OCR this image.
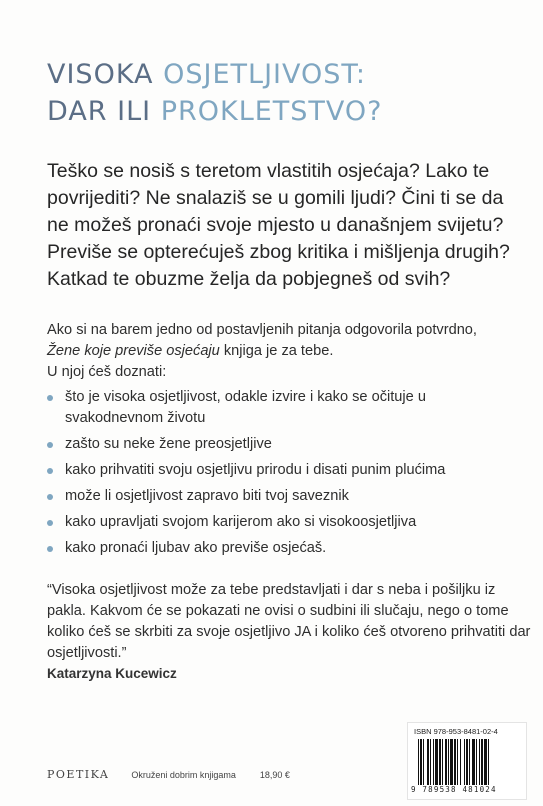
VISOKA OSJETLJIVOST:
DAR ILI PROKLETSTVO?
Teško se nosiš s teretom vlastitih osjećaja? Lako te
povrijediti? Ne snalaziš se u gomili ljudi? Čini ti se da
ne možeš pronaći svoje mjesto u današnjem svijetu?
Previše se opterećuješ zbog kritika i mišljenja drugih?
Katkad te obuzme želja da pobjegneš od svih?

Ako si na barem jedno od postavljenih pitanja odgovorila potvrdno,
Žene koje previše osjećaju knjiga je za tebe.

U njoj ćeš doznati:

što je visoka osjetljivost, odakle izvire i kako se očituje u
svakodnevnom životu
zašto su neke žene preosjetljive
kako prihvatiti svoju osjetljivu prirodu i disati punim plućima
može li osjetljivost zapravo biti tvoj saveznik
kako upravljati svojom karijerom ako si visokoosjetljiva
kako pronaći ljubav ako previše osjećaš.
“Visoka osjetljivost može za tebe predstavljati i dar s neba i pošiljku iz
pakla. Kakvom će se pokazati ne ovisi o sudbini ili slučaju, nego o tome
koliko ćeš se skrbiti za svoje osjetljivo JA i koliko ćeš otvoreno prihvatiti dar
osjetljivosti.”
Katarzyna Kucewicz
POETIKA Okruženi dobrim knjigama	18,90 €
ISBN 978-953-8481-02-4
9 789538 481024
